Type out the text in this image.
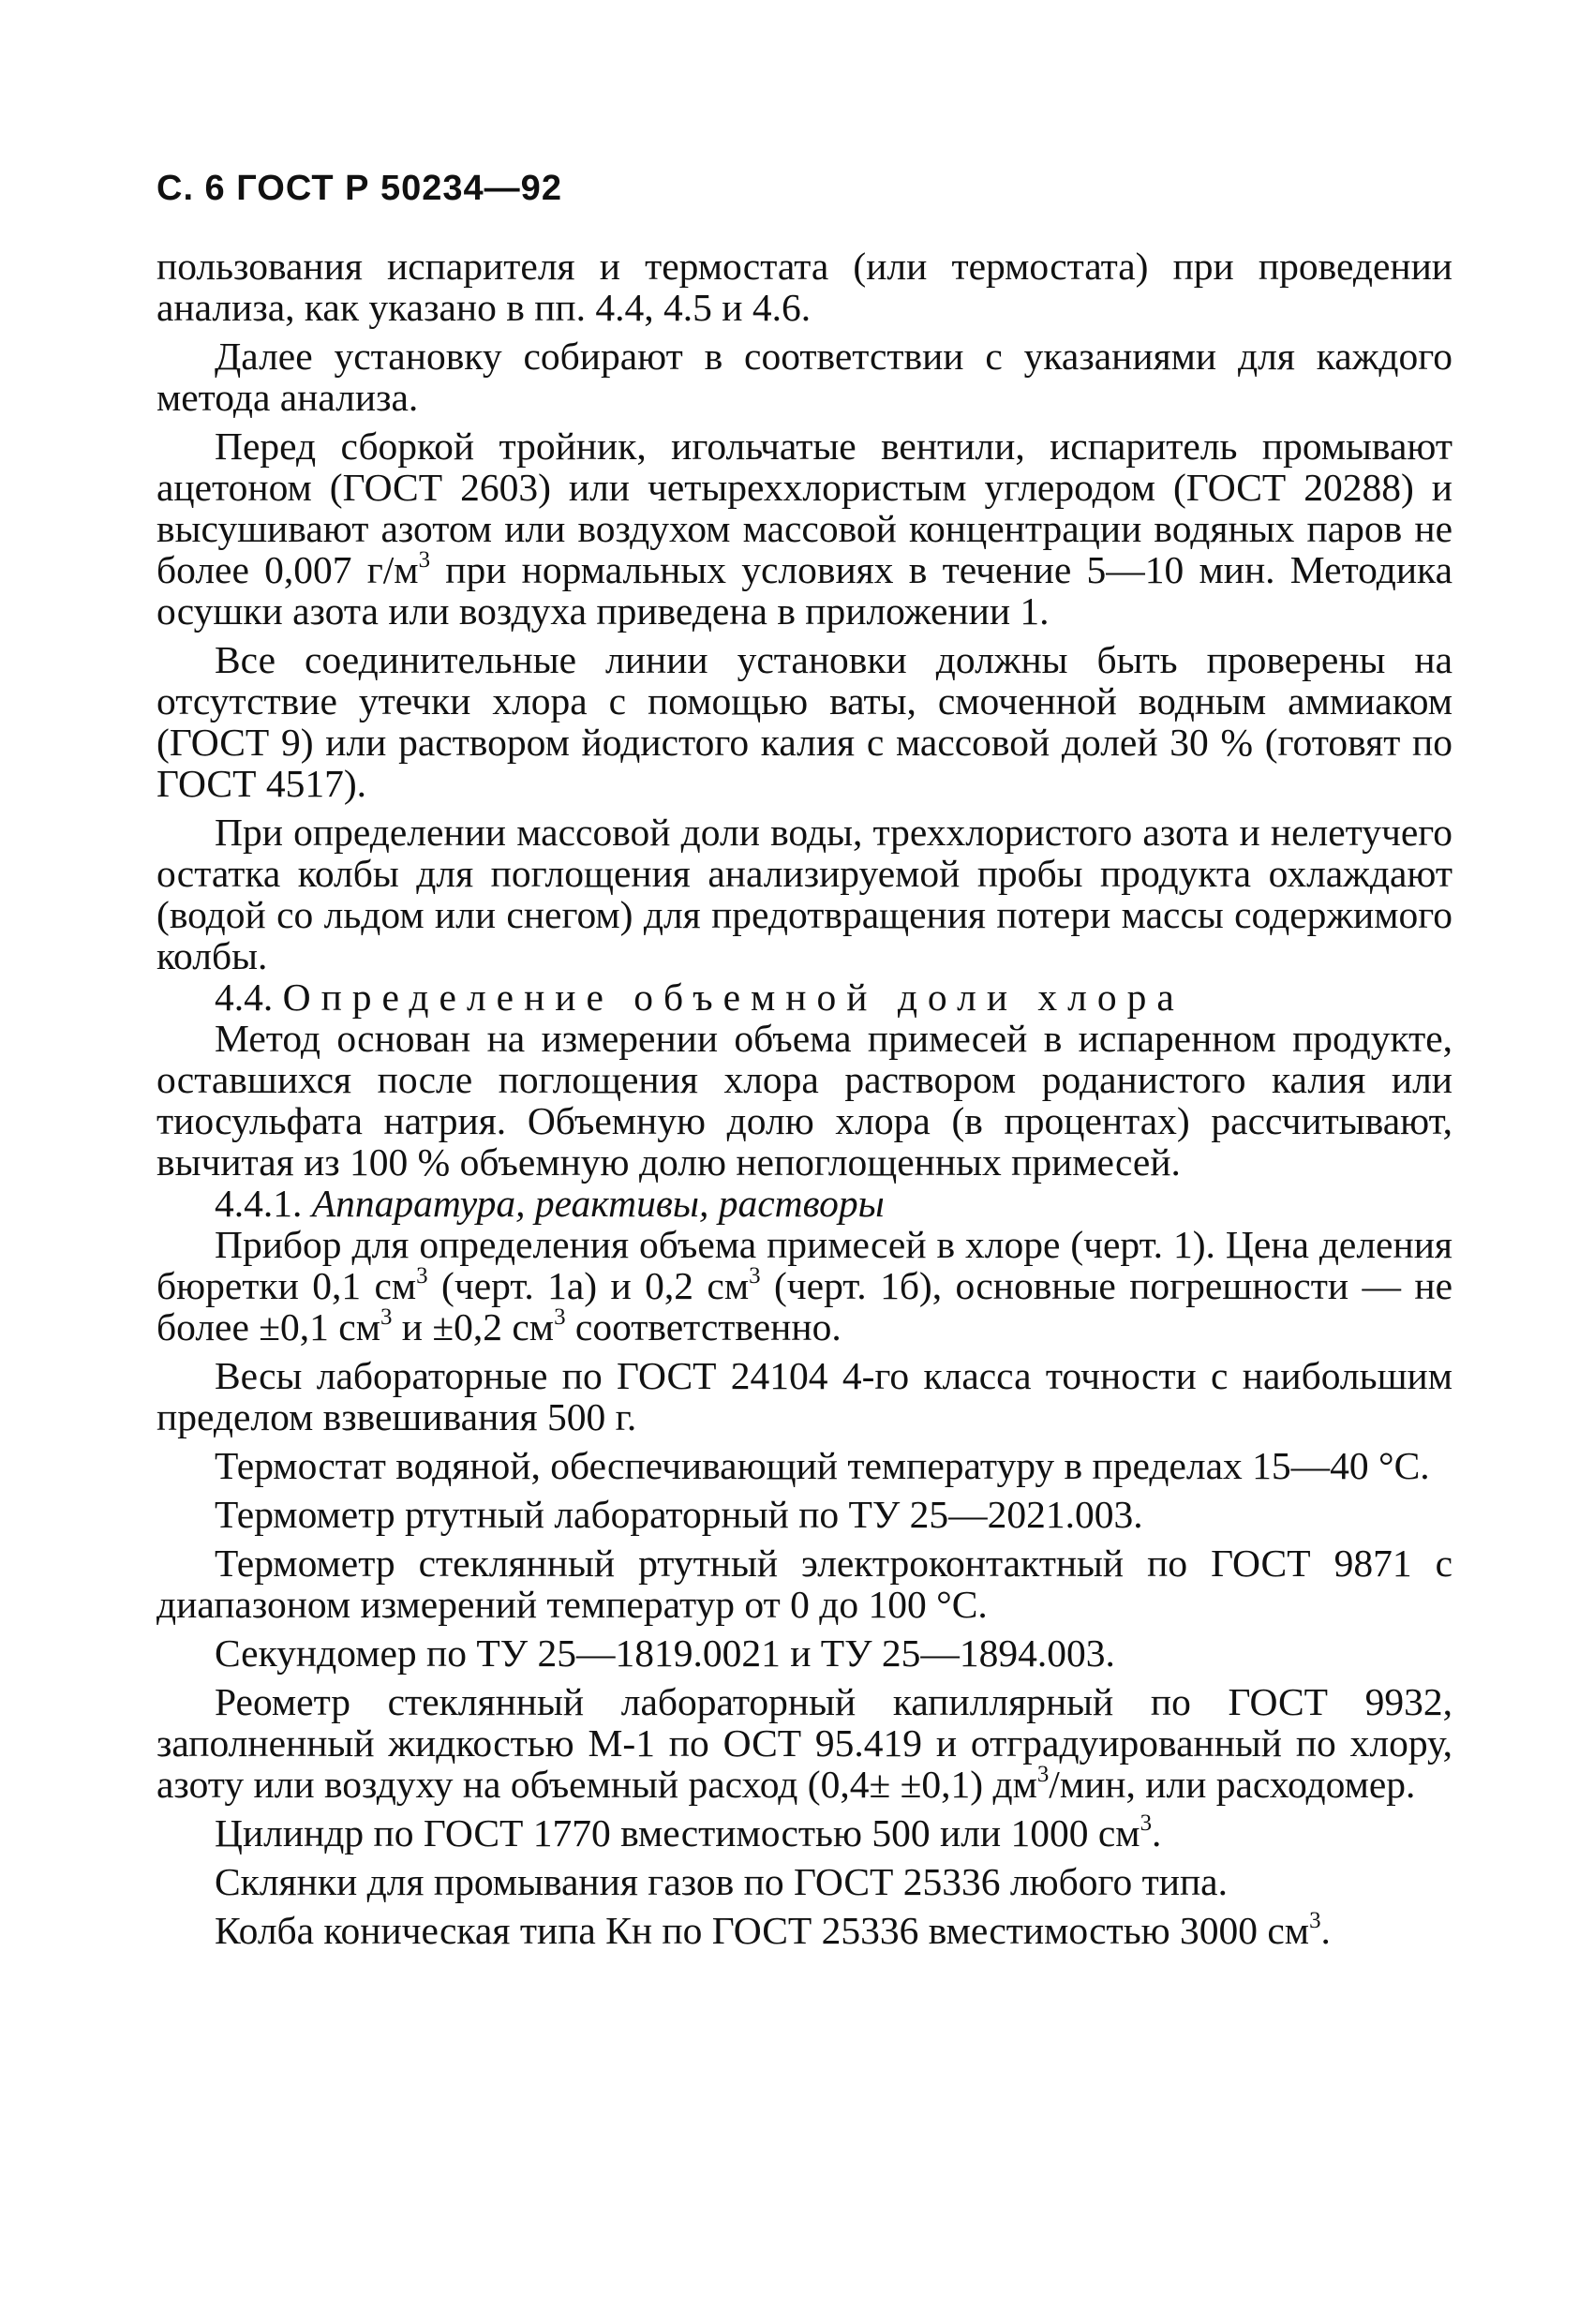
С. 6 ГОСТ Р 50234—92

пользования испарителя и термостата (или термостата) при проведении анализа, как указано в пп. 4.4, 4.5 и 4.6.

Далее установку собирают в соответствии с указаниями для каждого метода анализа.

Перед сборкой тройник, игольчатые вентили, испаритель промывают ацетоном (ГОСТ 2603) или четыреххлористым углеродом (ГОСТ 20288) и высушивают азотом или воздухом массовой концентрации водяных паров не более 0,007 $г/м^3$ при нормальных условиях в течение 5—10 мин. Методика осушки азота или воздуха приведена в приложении 1.

Все соединительные линии установки должны быть проверены на отсутствие утечки хлора с помощью ваты, смоченной водным аммиаком (ГОСТ 9) или раствором йодистого калия с массовой долей 30 % (готовят по ГОСТ 4517).

При определении массовой доли воды, трехxлористого азота и нелетучего остатка колбы для поглощения анализируемой пробы продукта охлаждают (водой со льдом или снегом) для предотвращения потери массы содержимого колбы.

4.4. Определение объемной доли хлора

Метод основан на измерении объема примесей в испаренном продукте, оставшихся после поглощения хлора раствором роданистого калия или тиосульфата натрия. Объемную долю хлора (в процентах) рассчитывают, вычитая из 100 % объемную долю непоглощенных примесей.

4.4.1. Аппаратура, реактивы, растворы

Прибор для определения объема примесей в хлоре (черт. 1). Цена деления бюретки 0,1 $см^3$ (черт. 1а) и 0,2 $см^3$ (черт. 1б), основные погрешности — не более ±0,1 $см^3$ и ±0,2 $см^3$ соответственно.

Весы лабораторные по ГОСТ 24104 4-го класса точности с наибольшим пределом взвешивания 500 г.

Термостат водяной, обеспечивающий температуру в пределах 15—40 °С.

Термометр ртутный лабораторный по ТУ 25—2021.003.

Термометр стеклянный ртутный электроконтактный по ГОСТ 9871 с диапазоном измерений температур от 0 до 100 °С.

Секундомер по ТУ 25—1819.0021 и ТУ 25—1894.003.

Реометр стеклянный лабораторный капиллярный по ГОСТ 9932, заполненный жидкостью М-1 по ОСТ 95.419 и отградуированный по хлору, азоту или воздуху на объемный расход (0,4± ±0,1) $дм^3$/мин, или расходомер.

Цилиндр по ГОСТ 1770 вместимостью 500 или 1000 $см^3$.

Склянки для промывания газов по ГОСТ 25336 любого типа.

Колба коническая типа Кн по ГОСТ 25336 вместимостью 3000 $см^3$.
